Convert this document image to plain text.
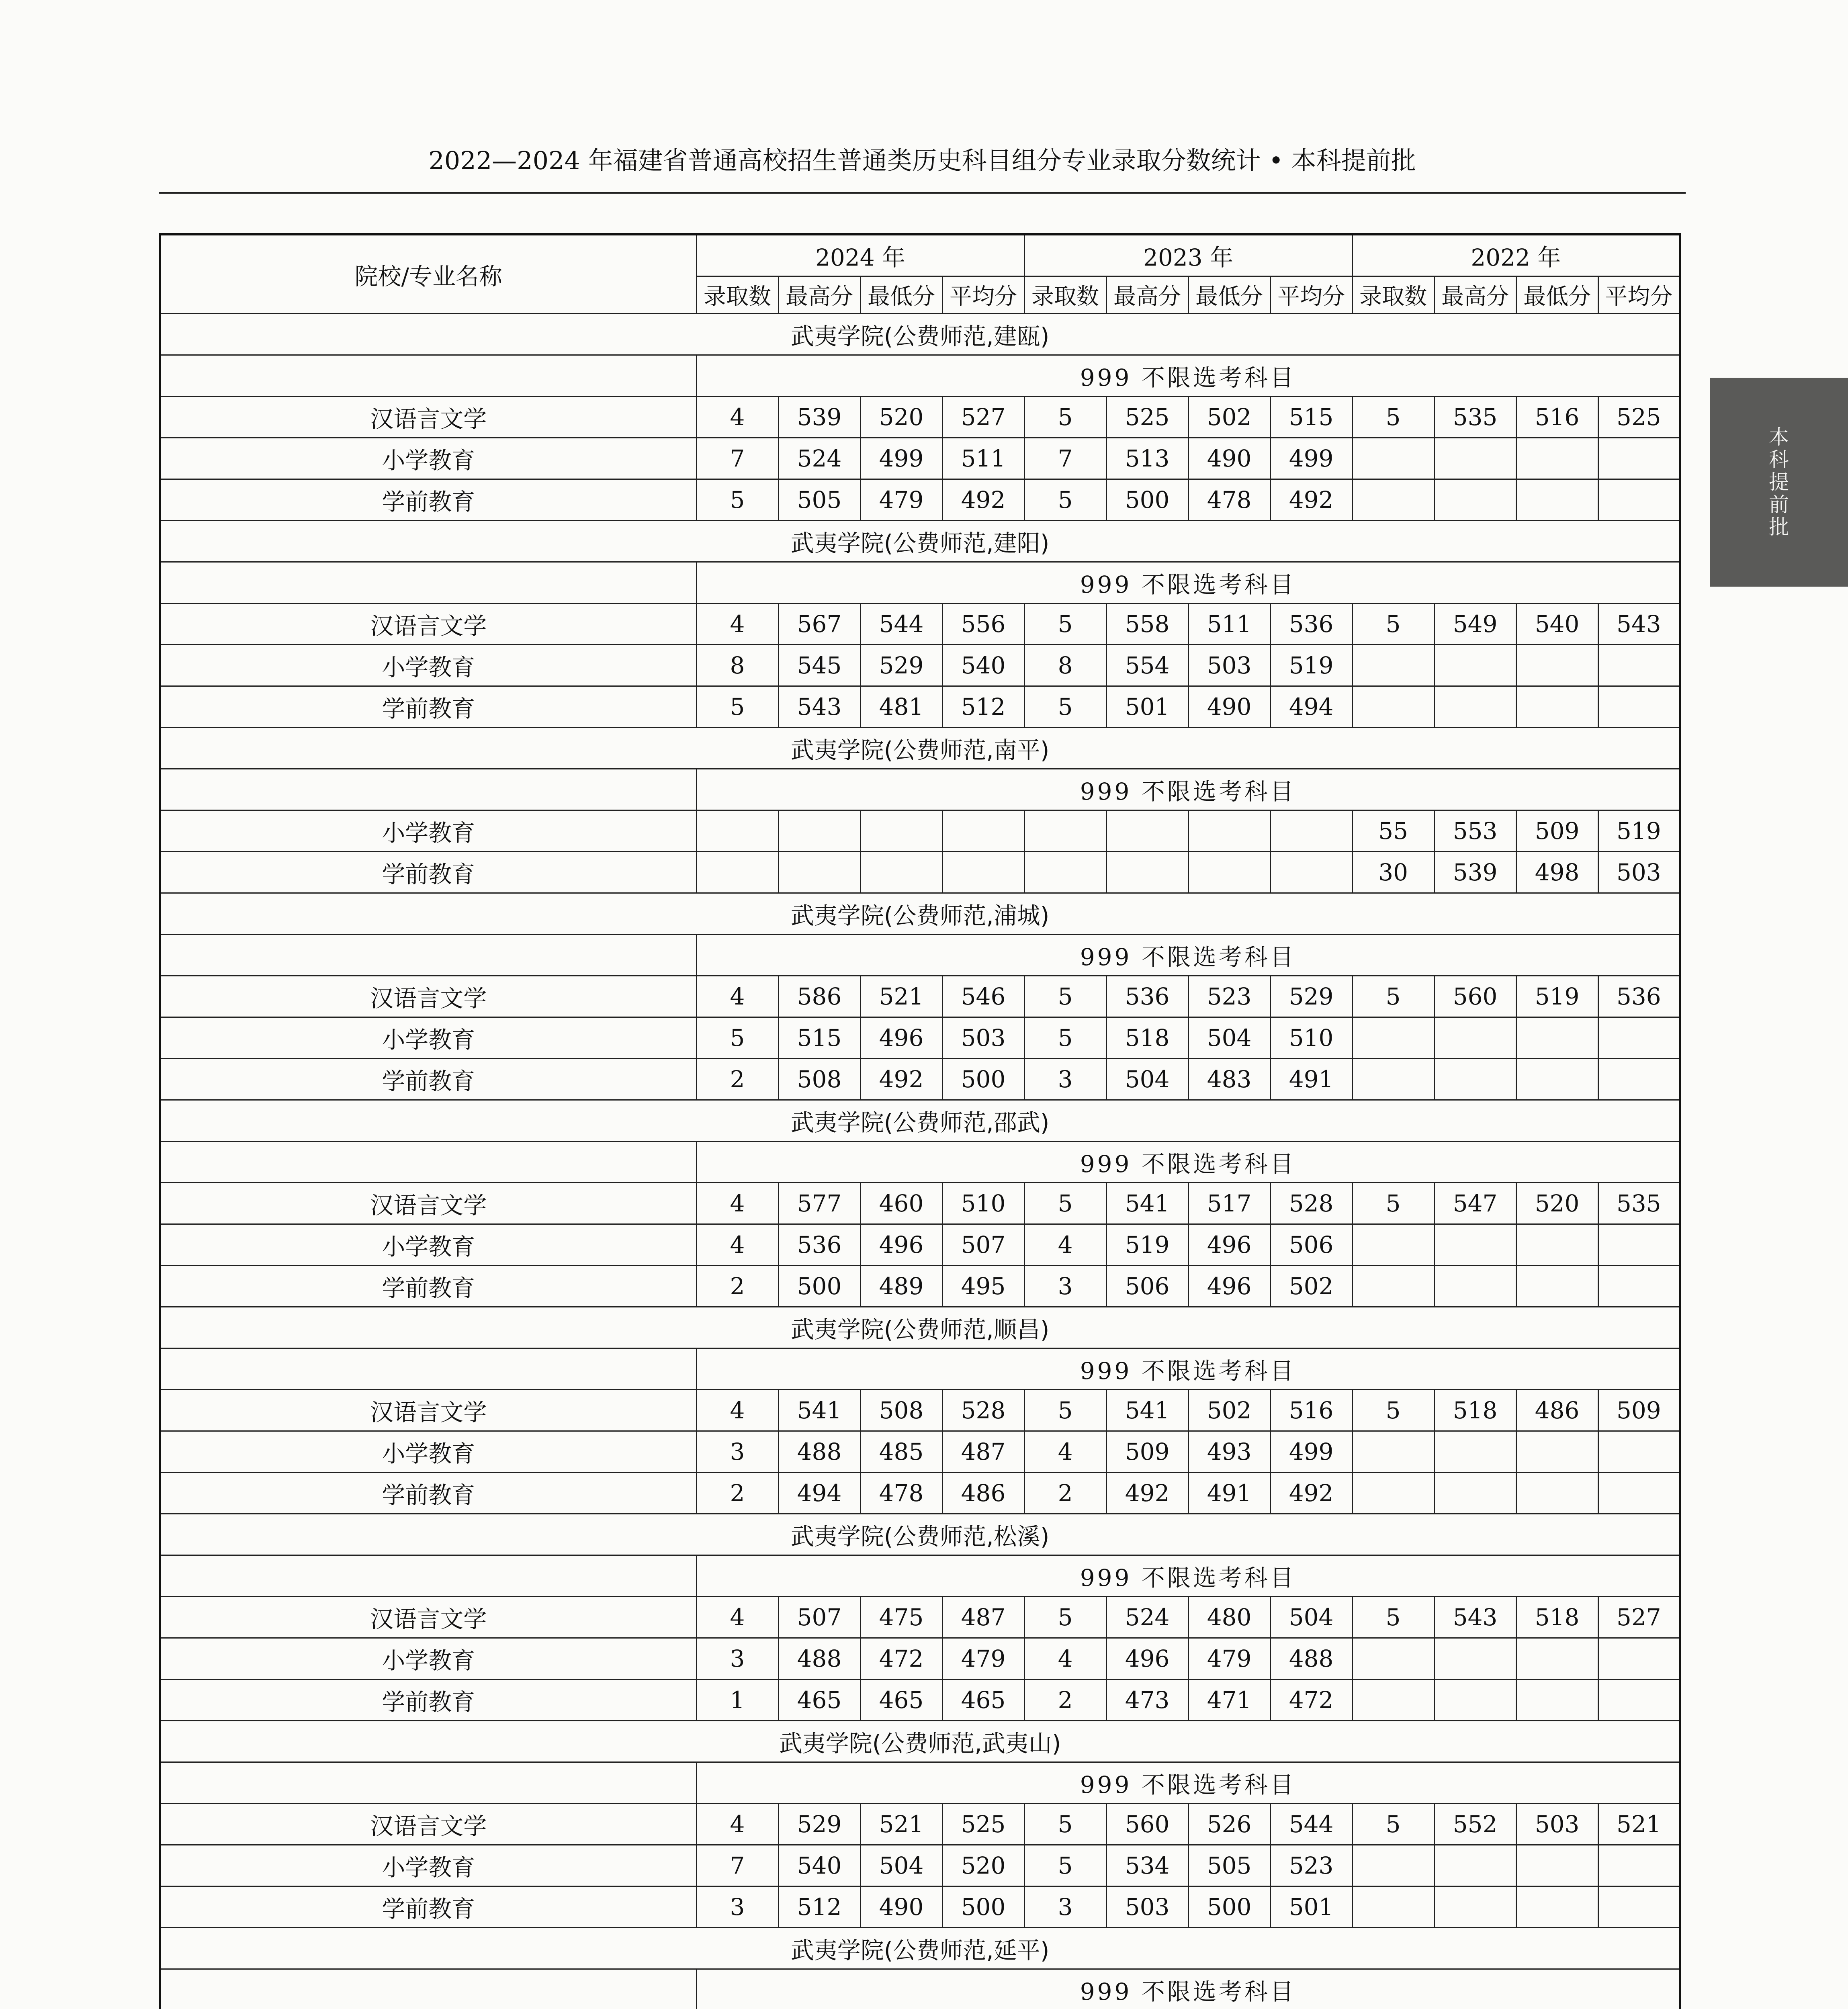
2022—2024 年福建省普通高校招生普通类历史科目组分专业录取分数统计 • 本科提前批
本科提前批
院校/专业名称	2024 年				2023 年				2022 年			
	录取数	最高分	最低分	平均分	录取数	最高分	最低分	平均分	录取数	最高分	最低分	平均分
武夷学院(公费师范,建瓯)												
	999 不限选考科目											
汉语言文学	4	539	520	527	5	525	502	515	5	535	516	525
小学教育	7	524	499	511	7	513	490	499				
学前教育	5	505	479	492	5	500	478	492				
武夷学院(公费师范,建阳)												
	999 不限选考科目											
汉语言文学	4	567	544	556	5	558	511	536	5	549	540	543
小学教育	8	545	529	540	8	554	503	519				
学前教育	5	543	481	512	5	501	490	494				
武夷学院(公费师范,南平)												
	999 不限选考科目											
小学教育									55	553	509	519
学前教育									30	539	498	503
武夷学院(公费师范,浦城)												
	999 不限选考科目											
汉语言文学	4	586	521	546	5	536	523	529	5	560	519	536
小学教育	5	515	496	503	5	518	504	510				
学前教育	2	508	492	500	3	504	483	491				
武夷学院(公费师范,邵武)												
	999 不限选考科目											
汉语言文学	4	577	460	510	5	541	517	528	5	547	520	535
小学教育	4	536	496	507	4	519	496	506				
学前教育	2	500	489	495	3	506	496	502				
武夷学院(公费师范,顺昌)												
	999 不限选考科目											
汉语言文学	4	541	508	528	5	541	502	516	5	518	486	509
小学教育	3	488	485	487	4	509	493	499				
学前教育	2	494	478	486	2	492	491	492				
武夷学院(公费师范,松溪)												
	999 不限选考科目											
汉语言文学	4	507	475	487	5	524	480	504	5	543	518	527
小学教育	3	488	472	479	4	496	479	488				
学前教育	1	465	465	465	2	473	471	472				
武夷学院(公费师范,武夷山)												
	999 不限选考科目											
汉语言文学	4	529	521	525	5	560	526	544	5	552	503	521
小学教育	7	540	504	520	5	534	505	523				
学前教育	3	512	490	500	3	503	500	501				
武夷学院(公费师范,延平)												
	999 不限选考科目											
